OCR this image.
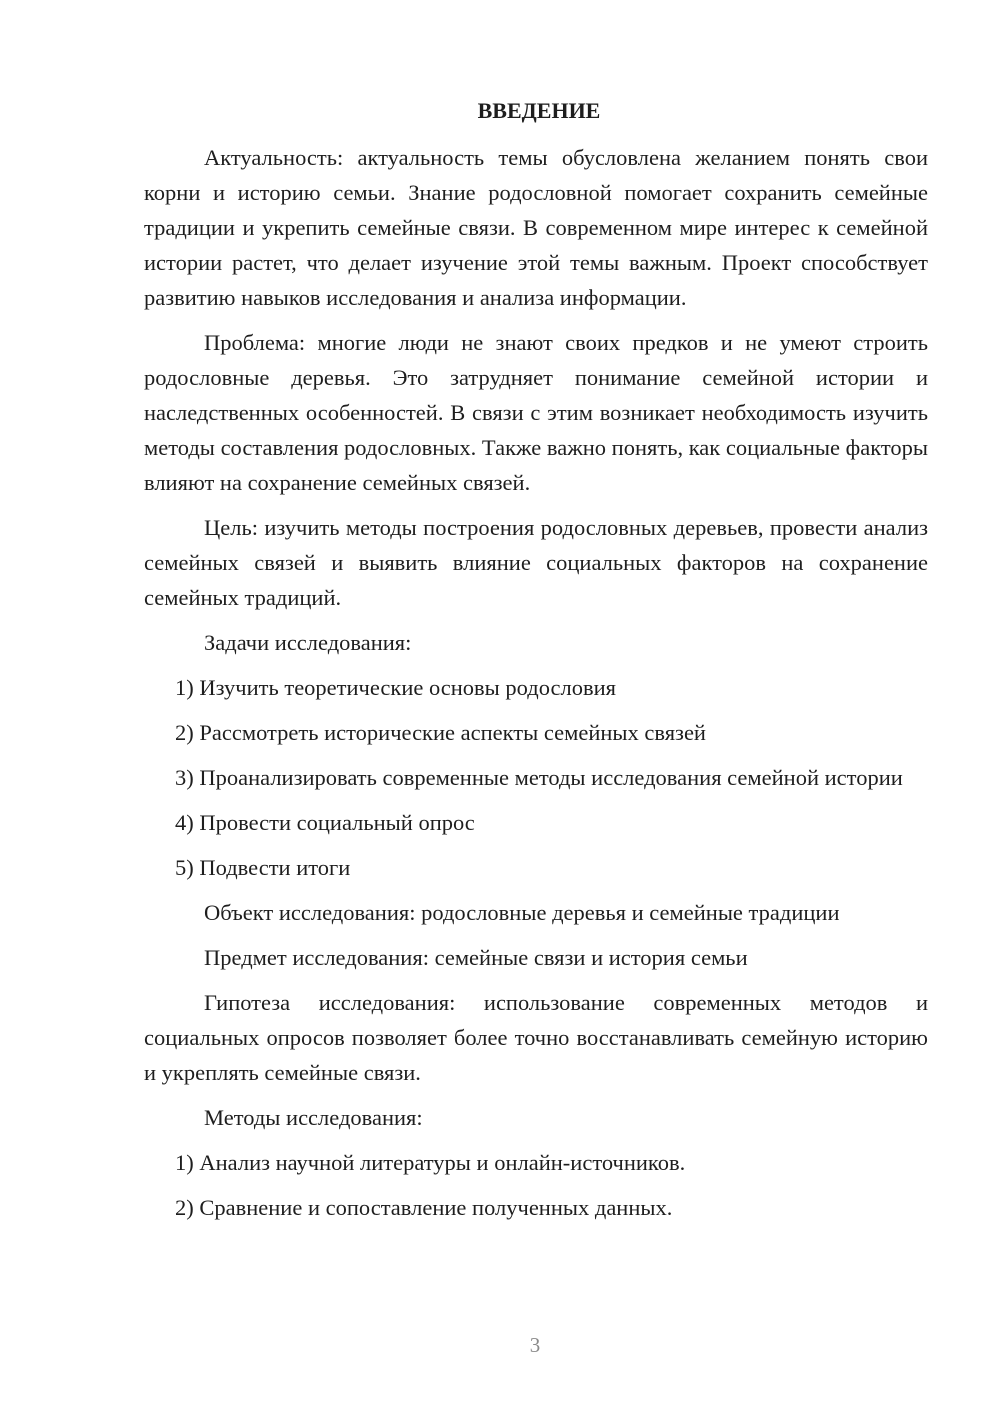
ВВЕДЕНИЕ

Актуальность: актуальность темы обусловлена желанием понять свои корни и историю семьи. Знание родословной помогает сохранить семейные традиции и укрепить семейные связи. В современном мире интерес к семейной истории растет, что делает изучение этой темы важным. Проект способствует развитию навыков исследования и анализа информации.

Проблема: многие люди не знают своих предков и не умеют строить родословные деревья. Это затрудняет понимание семейной истории и наследственных особенностей. В связи с этим возникает необходимость изучить методы составления родословных. Также важно понять, как социальные факторы влияют на сохранение семейных связей.

Цель: изучить методы построения родословных деревьев, провести анализ семейных связей и выявить влияние социальных факторов на сохранение семейных традиций.

Задачи исследования:

1) Изучить теоретические основы родословия

2) Рассмотреть исторические аспекты семейных связей

3) Проанализировать современные методы исследования семейной истории

4) Провести социальный опрос

5) Подвести итоги

Объект исследования: родословные деревья и семейные традиции

Предмет исследования: семейные связи и история семьи

Гипотеза исследования: использование современных методов и социальных опросов позволяет более точно восстанавливать семейную историю и укреплять семейные связи.

Методы исследования:

1) Анализ научной литературы и онлайн-источников.

2) Сравнение и сопоставление полученных данных.

3
